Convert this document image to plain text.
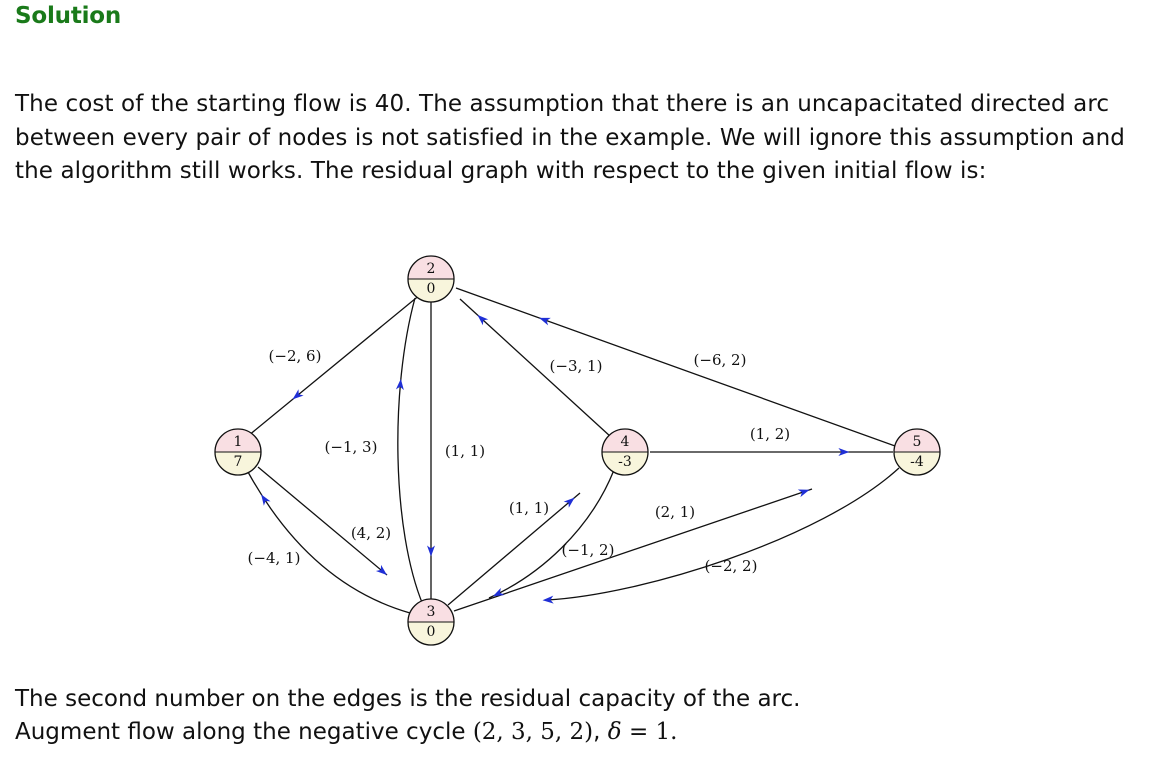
Solution

The cost of the starting flow is 40. The assumption that there is an uncapacitated directed arc between every pair of nodes is not satisfied in the example. We will ignore this assumption and the algorithm still works. The residual graph with respect to the given initial flow is:

(−2, 6)
(−3, 1)	(−6, 2)
(−1, 3)	(1, 1)
(−4, 1)
(4, 2)
(1, 1)
(−1, 2)
(1, 2)
(2, 1)
(−2, 2)
1
7
2
0
3
0
4
-3
5
-4
The second number on the edges is the residual capacity of the arc.
Augment flow along the negative cycle (2, 3, 5, 2), δ = 1.
